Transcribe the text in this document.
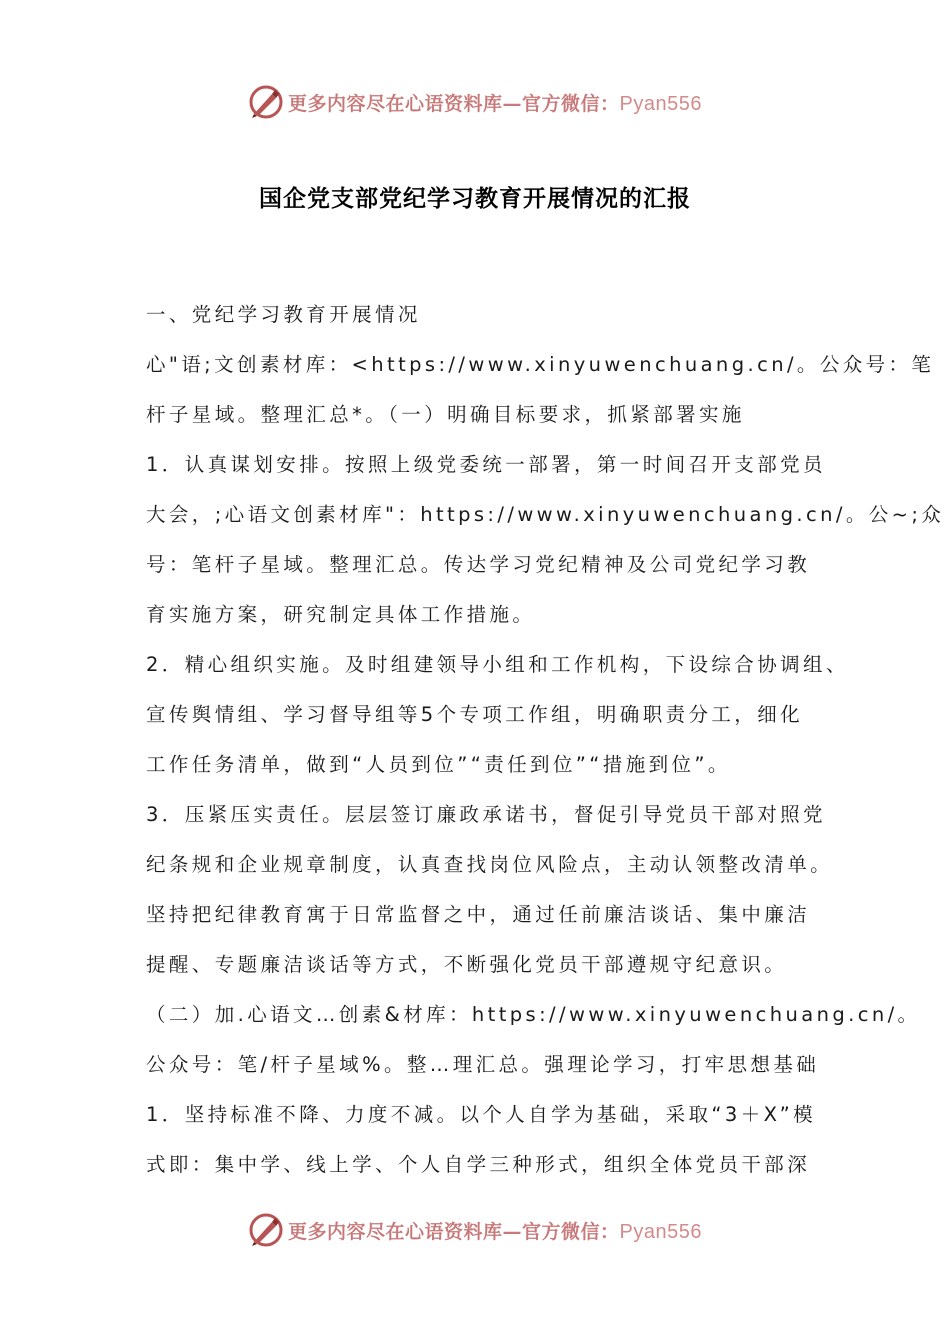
更多内容尽在心语资料库—官方微信：Pyan556
国企党支部党纪学习教育开展情况的汇报
一、党纪学习教育开展情况
心"语;文创素材库：<https://www.xinyuwenchuang.cn/。公众号：笔
杆子星域。整理汇总*。（一）明确目标要求，抓紧部署实施
1．认真谋划安排。按照上级党委统一部署，第一时间召开支部党员
大会，;心语文创素材库"：https://www.xinyuwenchuang.cn/。公~;众
号：笔杆子星域。整理汇总。传达学习党纪精神及公司党纪学习教
育实施方案，研究制定具体工作措施。
2．精心组织实施。及时组建领导小组和工作机构，下设综合协调组、
宣传舆情组、学习督导组等5个专项工作组，明确职责分工，细化
工作任务清单，做到“人员到位”“责任到位”“措施到位”。
3．压紧压实责任。层层签订廉政承诺书，督促引导党员干部对照党
纪条规和企业规章制度，认真查找岗位风险点，主动认领整改清单。
坚持把纪律教育寓于日常监督之中，通过任前廉洁谈话、集中廉洁
提醒、专题廉洁谈话等方式，不断强化党员干部遵规守纪意识。
（二）加.心语文…创素&材库：https://www.xinyuwenchuang.cn/。
公众号：笔/杆子星域%。整…理汇总。强理论学习，打牢思想基础
1．坚持标准不降、力度不减。以个人自学为基础，采取“3＋X”模
式即：集中学、线上学、个人自学三种形式，组织全体党员干部深
更多内容尽在心语资料库—官方微信：Pyan556
